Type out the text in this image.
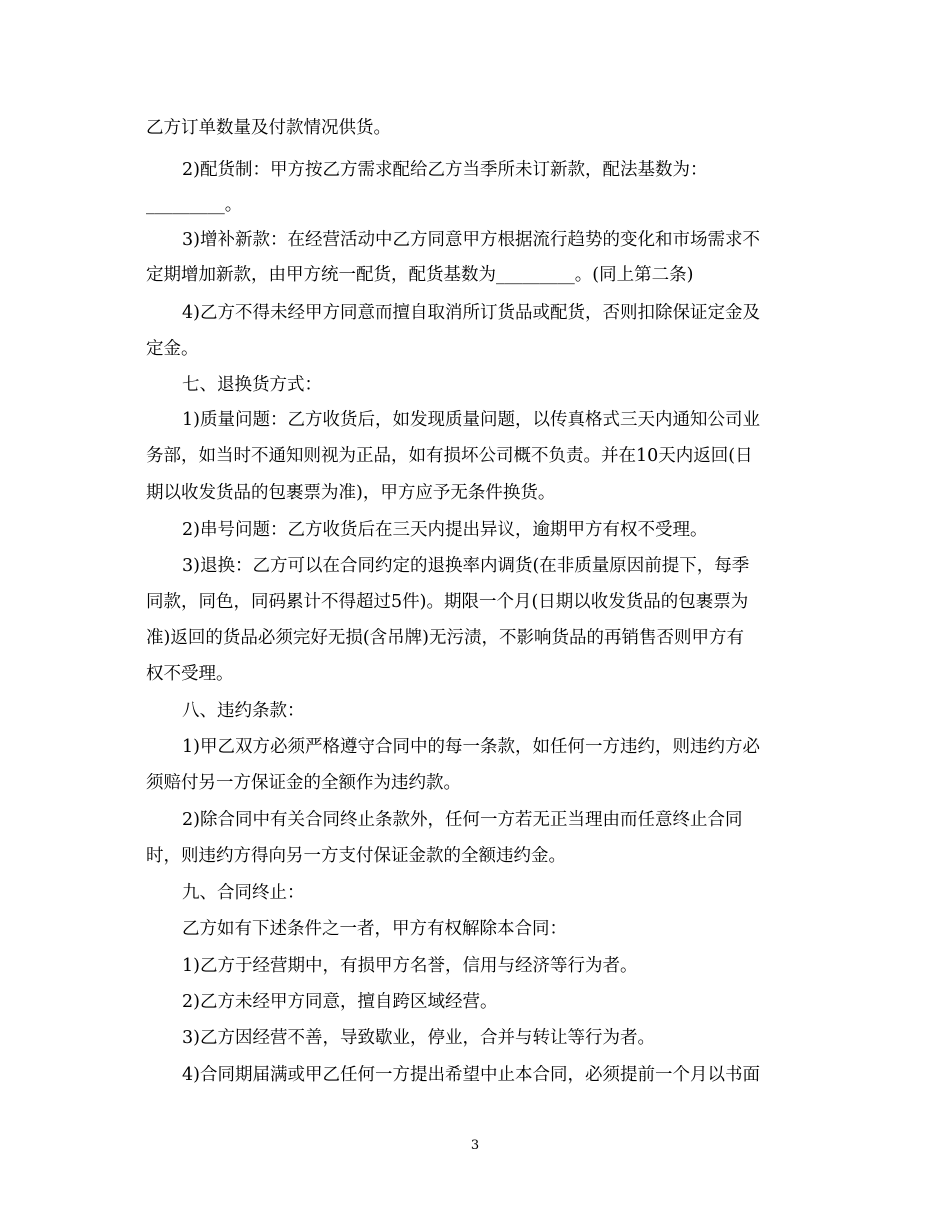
乙方订单数量及付款情况供货。
2)配货制：甲方按乙方需求配给乙方当季所未订新款，配法基数为：
_________。
3)增补新款：在经营活动中乙方同意甲方根据流行趋势的变化和市场需求不
定期增加新款，由甲方统一配货，配货基数为_________。(同上第二条)
4)乙方不得未经甲方同意而擅自取消所订货品或配货，否则扣除保证定金及
定金。
七、退换货方式：
1)质量问题：乙方收货后，如发现质量问题，以传真格式三天内通知公司业
务部，如当时不通知则视为正品，如有损坏公司概不负责。并在10天内返回(日
期以收发货品的包裹票为准)，甲方应予无条件换货。
2)串号问题：乙方收货后在三天内提出异议，逾期甲方有权不受理。
3)退换：乙方可以在合同约定的退换率内调货(在非质量原因前提下，每季
同款，同色，同码累计不得超过5件)。期限一个月(日期以收发货品的包裹票为
准)返回的货品必须完好无损(含吊牌)无污渍，不影响货品的再销售否则甲方有
权不受理。
八、违约条款：
1)甲乙双方必须严格遵守合同中的每一条款，如任何一方违约，则违约方必
须赔付另一方保证金的全额作为违约款。
2)除合同中有关合同终止条款外，任何一方若无正当理由而任意终止合同
时，则违约方得向另一方支付保证金款的全额违约金。
九、合同终止：
乙方如有下述条件之一者，甲方有权解除本合同：
1)乙方于经营期中，有损甲方名誉，信用与经济等行为者。
2)乙方未经甲方同意，擅自跨区域经营。
3)乙方因经营不善，导致歇业，停业，合并与转让等行为者。
4)合同期届满或甲乙任何一方提出希望中止本合同，必须提前一个月以书面
3
